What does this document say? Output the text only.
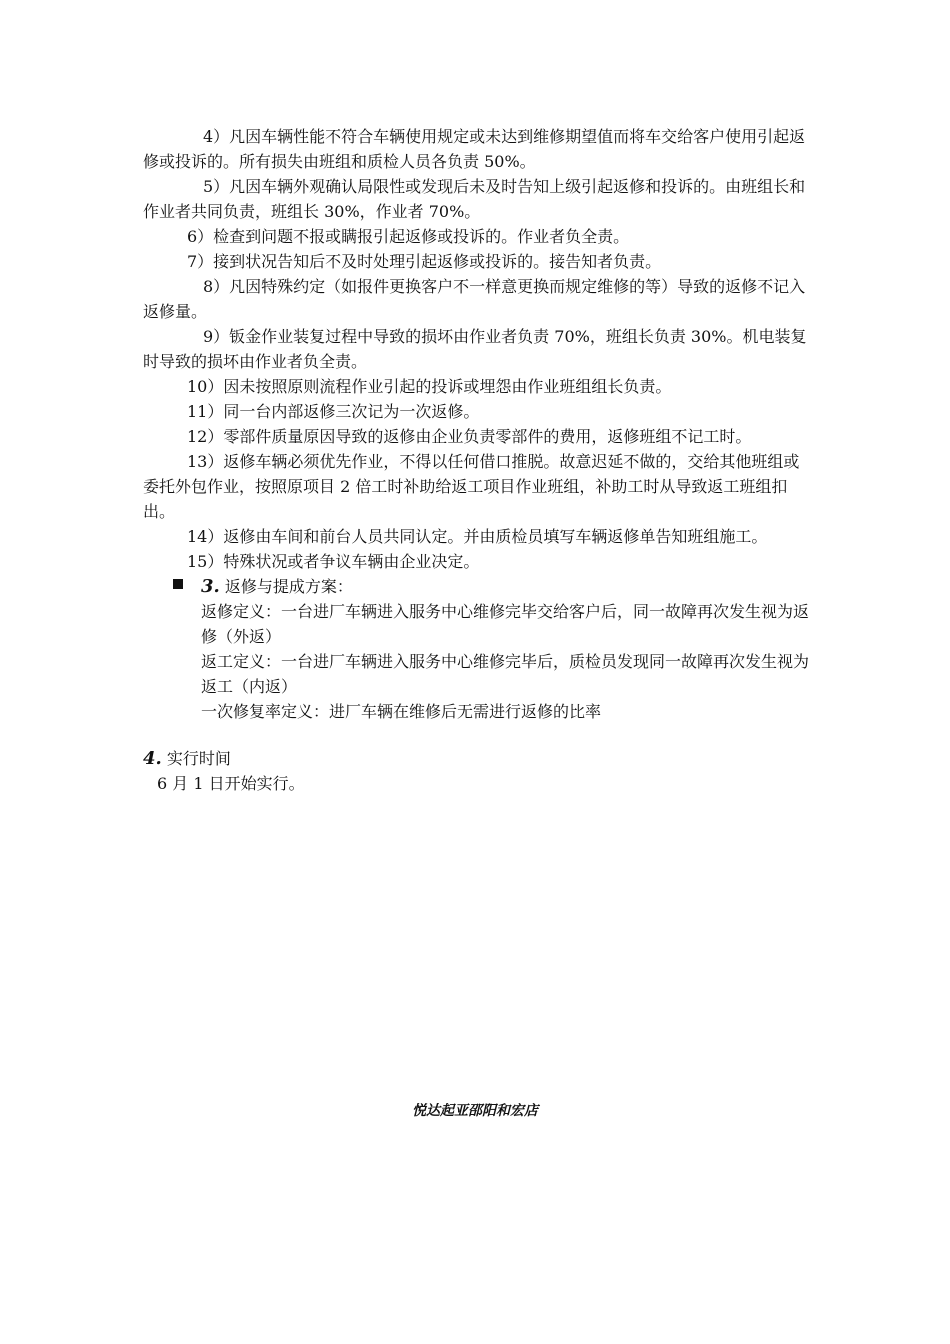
4）凡因车辆性能不符合车辆使用规定或未达到维修期望值而将车交给客户使用引起返修或投诉的。所有损失由班组和质检人员各负责 50%。

5）凡因车辆外观确认局限性或发现后未及时告知上级引起返修和投诉的。由班组长和作业者共同负责，班组长 30%，作业者 70%。

6）检查到问题不报或瞒报引起返修或投诉的。作业者负全责。

7）接到状况告知后不及时处理引起返修或投诉的。接告知者负责。

8）凡因特殊约定（如报件更换客户不一样意更换而规定维修的等）导致的返修不记入返修量。

9）钣金作业装复过程中导致的损坏由作业者负责 70%，班组长负责 30%。机电装复时导致的损坏由作业者负全责。

10）因未按照原则流程作业引起的投诉或埋怨由作业班组组长负责。

11）同一台内部返修三次记为一次返修。

12）零部件质量原因导致的返修由企业负责零部件的费用，返修班组不记工时。

13）返修车辆必须优先作业，不得以任何借口推脱。故意迟延不做的，交给其他班组或委托外包作业，按照原项目 2 倍工时补助给返工项目作业班组，补助工时从导致返工班组扣出。

14）返修由车间和前台人员共同认定。并由质检员填写车辆返修单告知班组施工。

15）特殊状况或者争议车辆由企业决定。

3. 返修与提成方案：

返修定义：一台进厂车辆进入服务中心维修完毕交给客户后，同一故障再次发生视为返修（外返）

返工定义：一台进厂车辆进入服务中心维修完毕后，质检员发现同一故障再次发生视为返工（内返）

一次修复率定义：进厂车辆在维修后无需进行返修的比率

4. 实行时间

6 月 1 日开始实行。

悦达起亚邵阳和宏店
